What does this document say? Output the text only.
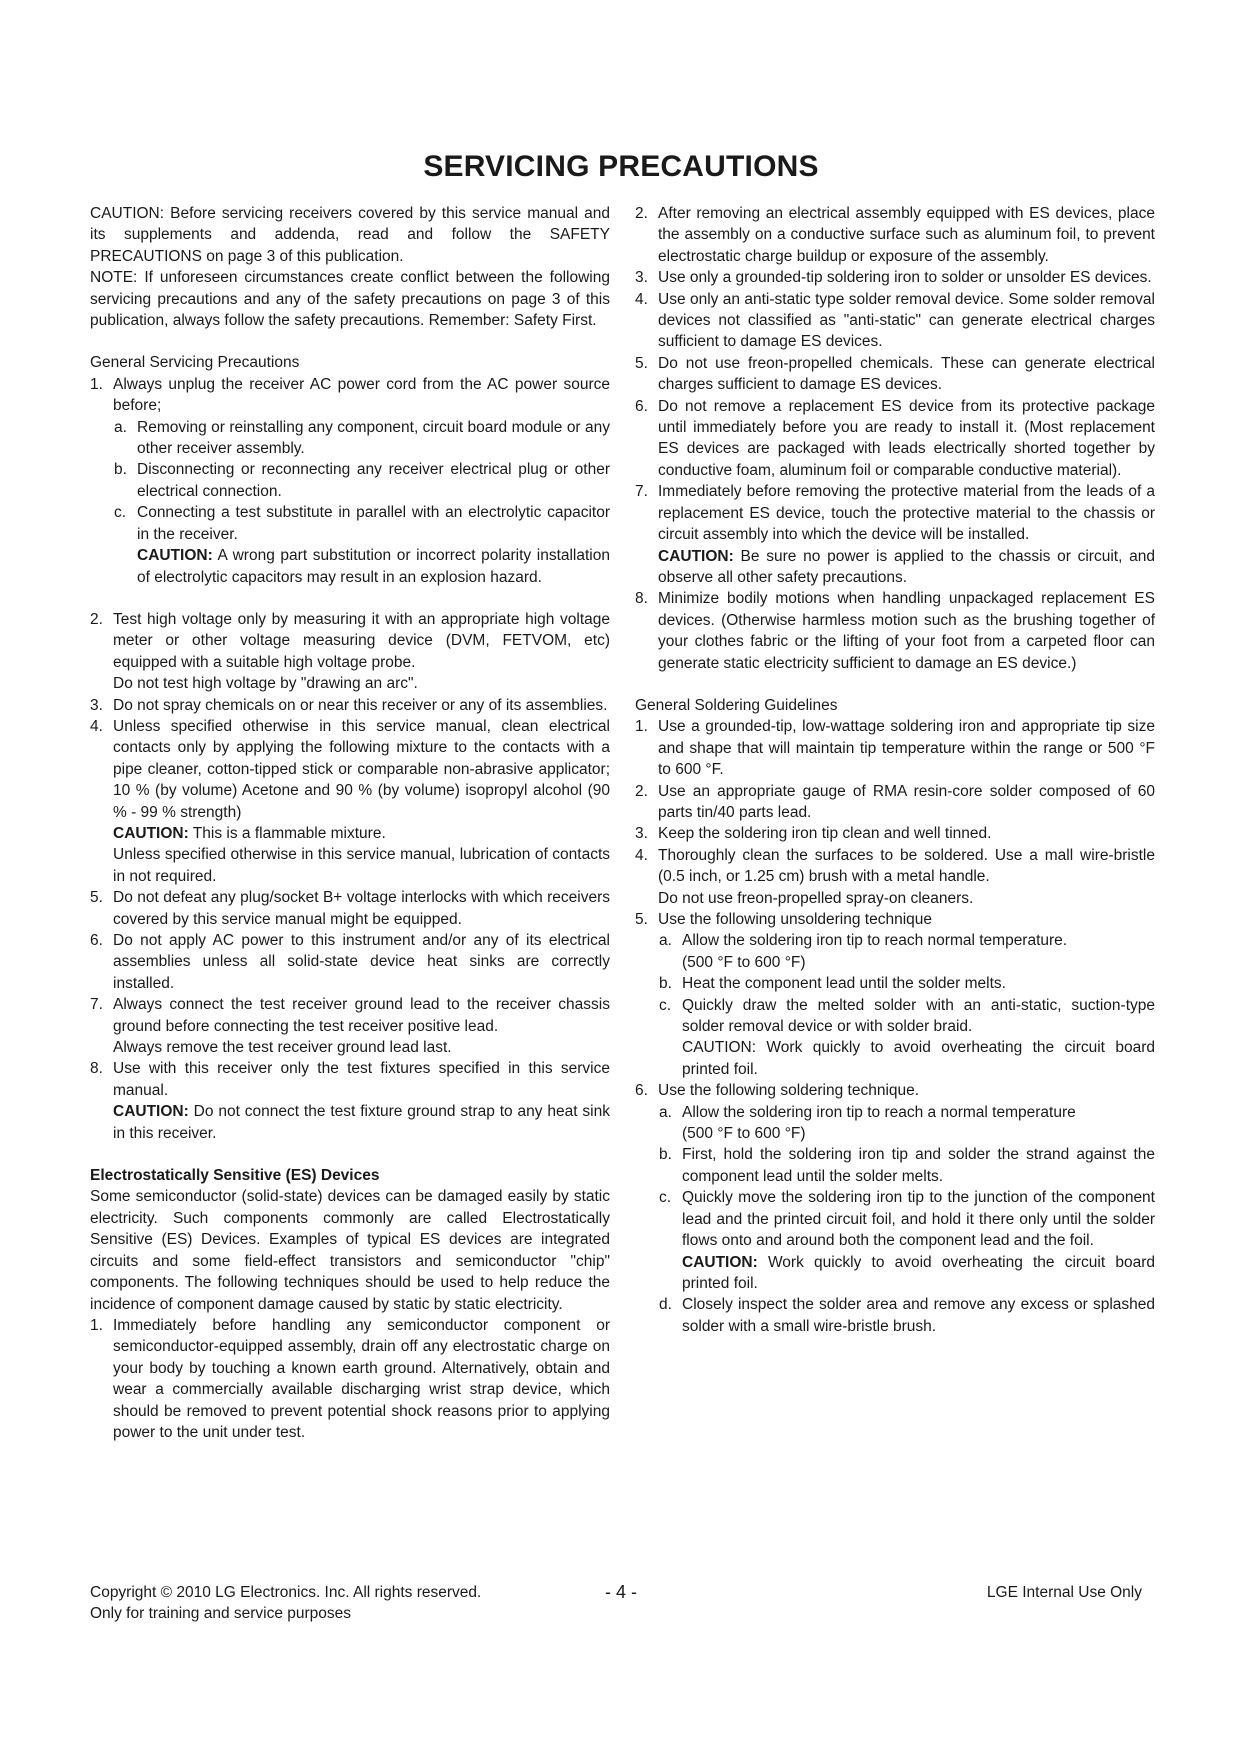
SERVICING PRECAUTIONS

CAUTION: Before servicing receivers covered by this service manual and its supplements and addenda, read and follow the SAFETY PRECAUTIONS on page 3 of this publication.

NOTE: If unforeseen circumstances create conflict between the following servicing precautions and any of the safety precautions on page 3 of this publication, always follow the safety precautions. Remember: Safety First.

General Servicing Precautions

1. Always unplug the receiver AC power cord from the AC power source before;
a. Removing or reinstalling any component, circuit board module or any other receiver assembly.
b. Disconnecting or reconnecting any receiver electrical plug or other electrical connection.
c. Connecting a test substitute in parallel with an electrolytic capacitor in the receiver.

CAUTION: A wrong part substitution or incorrect polarity installation of electrolytic capacitors may result in an explosion hazard.

2. Test high voltage only by measuring it with an appropriate high voltage meter or other voltage measuring device (DVM, FETVOM, etc) equipped with a suitable high voltage probe.

Do not test high voltage by "drawing an arc".

3. Do not spray chemicals on or near this receiver or any of its assemblies.
4. Unless specified otherwise in this service manual, clean electrical contacts only by applying the following mixture to the contacts with a pipe cleaner, cotton-tipped stick or comparable non-abrasive applicator; 10 % (by volume) Acetone and 90 % (by volume) isopropyl alcohol (90 % - 99 % strength)

CAUTION: This is a flammable mixture.

Unless specified otherwise in this service manual, lubrication of contacts in not required.

5. Do not defeat any plug/socket B+ voltage interlocks with which receivers covered by this service manual might be equipped.
6. Do not apply AC power to this instrument and/or any of its electrical assemblies unless all solid-state device heat sinks are correctly installed.
7. Always connect the test receiver ground lead to the receiver chassis ground before connecting the test receiver positive lead.

Always remove the test receiver ground lead last.

8. Use with this receiver only the test fixtures specified in this service manual.

CAUTION: Do not connect the test fixture ground strap to any heat sink in this receiver.

Electrostatically Sensitive (ES) Devices

Some semiconductor (solid-state) devices can be damaged easily by static electricity. Such components commonly are called Electrostatically Sensitive (ES) Devices. Examples of typical ES devices are integrated circuits and some field-effect transistors and semiconductor "chip" components. The following techniques should be used to help reduce the incidence of component damage caused by static by static electricity.

1. Immediately before handling any semiconductor component or semiconductor-equipped assembly, drain off any electrostatic charge on your body by touching a known earth ground. Alternatively, obtain and wear a commercially available discharging wrist strap device, which should be removed to prevent potential shock reasons prior to applying power to the unit under test.
2. After removing an electrical assembly equipped with ES devices, place the assembly on a conductive surface such as aluminum foil, to prevent electrostatic charge buildup or exposure of the assembly.
3. Use only a grounded-tip soldering iron to solder or unsolder ES devices.
4. Use only an anti-static type solder removal device. Some solder removal devices not classified as "anti-static" can generate electrical charges sufficient to damage ES devices.
5. Do not use freon-propelled chemicals. These can generate electrical charges sufficient to damage ES devices.
6. Do not remove a replacement ES device from its protective package until immediately before you are ready to install it. (Most replacement ES devices are packaged with leads electrically shorted together by conductive foam, aluminum foil or comparable conductive material).
7. Immediately before removing the protective material from the leads of a replacement ES device, touch the protective material to the chassis or circuit assembly into which the device will be installed.

CAUTION: Be sure no power is applied to the chassis or circuit, and observe all other safety precautions.

8. Minimize bodily motions when handling unpackaged replacement ES devices. (Otherwise harmless motion such as the brushing together of your clothes fabric or the lifting of your foot from a carpeted floor can generate static electricity sufficient to damage an ES device.)

General Soldering Guidelines

1. Use a grounded-tip, low-wattage soldering iron and appropriate tip size and shape that will maintain tip temperature within the range or 500 °F to 600 °F.
2. Use an appropriate gauge of RMA resin-core solder composed of 60 parts tin/40 parts lead.
3. Keep the soldering iron tip clean and well tinned.
4. Thoroughly clean the surfaces to be soldered. Use a mall wire-bristle (0.5 inch, or 1.25 cm) brush with a metal handle.

Do not use freon-propelled spray-on cleaners.

5. Use the following unsoldering technique
a. Allow the soldering iron tip to reach normal temperature.

(500 °F to 600 °F)

b. Heat the component lead until the solder melts.
c. Quickly draw the melted solder with an anti-static, suction-type solder removal device or with solder braid.

CAUTION: Work quickly to avoid overheating the circuit board printed foil.

6. Use the following soldering technique.
a. Allow the soldering iron tip to reach a normal temperature

(500 °F to 600 °F)

b. First, hold the soldering iron tip and solder the strand against the component lead until the solder melts.
c. Quickly move the soldering iron tip to the junction of the component lead and the printed circuit foil, and hold it there only until the solder flows onto and around both the component lead and the foil.

CAUTION: Work quickly to avoid overheating the circuit board printed foil.

d. Closely inspect the solder area and remove any excess or splashed solder with a small wire-bristle brush.
Copyright © 2010 LG Electronics. Inc. All rights reserved.
Only for training and service purposes
- 4 -	LGE Internal Use Only
